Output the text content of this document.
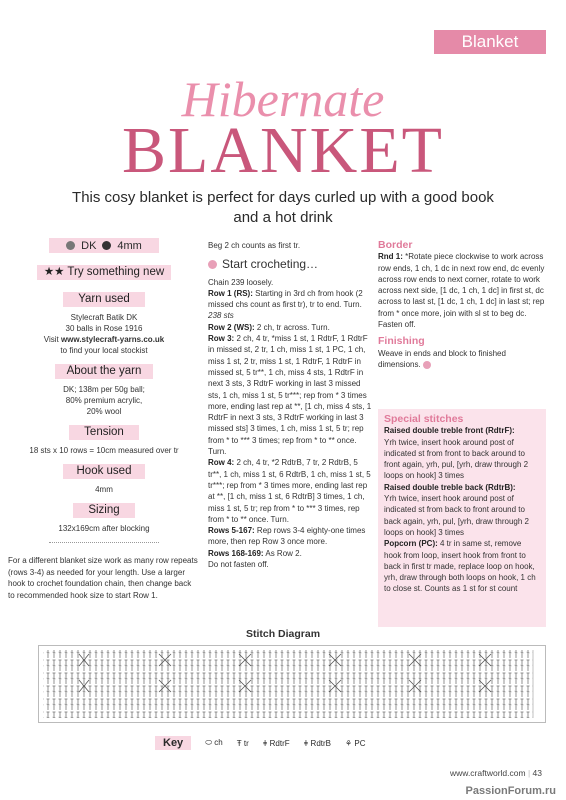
Blanket
Hibernate
BLANKET
This cosy blanket is perfect for days curled up with a good book and a hot drink
DK 4mm
★★ Try something new
Yarn used

Stylecraft Batik DK

30 balls in Rose 1916

Visit www.stylecraft-yarns.co.uk

to find your local stockist

About the yarn

DK; 138m per 50g ball;

80% premium acrylic,

20% wool

Tension

18 sts x 10 rows = 10cm measured over tr

Hook used

4mm

Sizing

132x169cm after blocking

For a different blanket size work as many row repeats (rows 3-4) as needed for your length. Use a larger hook to crochet foundation chain, then change back to recommended hook size to start Row 1.
Beg 2 ch counts as first tr.
Start crocheting…
Chain 239 loosely.
Row 1 (RS): Starting in 3rd ch from hook (2 missed chs count as first tr), tr to end. Turn. 238 sts
Row 2 (WS): 2 ch, tr across. Turn.
Row 3: 2 ch, 4 tr, *miss 1 st, 1 RdtrF, 1 RdtrF in missed st, 2 tr, 1 ch, miss 1 st, 1 PC, 1 ch, miss 1 st, 2 tr, miss 1 st, 1 RdtrF, 1 RdtrF in missed st, 5 tr**, 1 ch, miss 4 sts, 1 RdtrF in next 3 sts, 3 RdtrF working in last 3 missed sts, 1 ch, miss 1 st, 5 tr***; rep from * 3 times more, ending last rep at **, [1 ch, miss 4 sts, 1 RdtrF in next 3 sts, 3 RdtrF working in last 3 missed sts] 3 times, 1 ch, miss 1 st, 5 tr; rep from * to *** 3 times; rep from * to ** once. Turn.
Row 4: 2 ch, 4 tr, *2 RdtrB, 7 tr, 2 RdtrB, 5 tr**, 1 ch, miss 1 st, 6 RdtrB, 1 ch, miss 1 st, 5 tr***; rep from * 3 times more, ending last rep at **, [1 ch, miss 1 st, 6 RdtrB] 3 times, 1 ch, miss 1 st, 5 tr; rep from * to *** 3 times, rep from * to ** once. Turn.
Rows 5-167: Rep rows 3-4 eighty-one times more, then rep Row 3 once more.
Rows 168-169: As Row 2.
Do not fasten off.
Border
Rnd 1: *Rotate piece clockwise to work across row ends, 1 ch, 1 dc in next row end, dc evenly across row ends to next corner, rotate to work across next side, [1 dc, 1 ch, 1 dc] in first st, dc across to last st, [1 dc, 1 ch, 1 dc] in last st; rep from * once more, join with sl st to beg dc. Fasten off.
Finishing
Weave in ends and block to finished dimensions.
Special stitches
Raised double treble front (RdtrF):
Yrh twice, insert hook around post of indicated st from front to back around to front again, yrh, pul, [yrh, draw through 2 loops on hook] 3 times
Raised double treble back (RdtrB):
Yrh twice, insert hook around post of indicated st from back to front around to back again, yrh, pul, [yrh, draw through 2 loops on hook] 3 times
Popcorn (PC): 4 tr in same st, remove hook from loop, insert hook from front to back in first tr made, replace loop on hook, yrh, draw through both loops on hook, 1 ch to close st. Counts as 1 st for st count
Stitch Diagram
Key	⬭ ch Ŧ tr ǂ RdtrF ǂ RdtrB ⚘ PC
www.craftworld.com | 43
PassionForum.ru
